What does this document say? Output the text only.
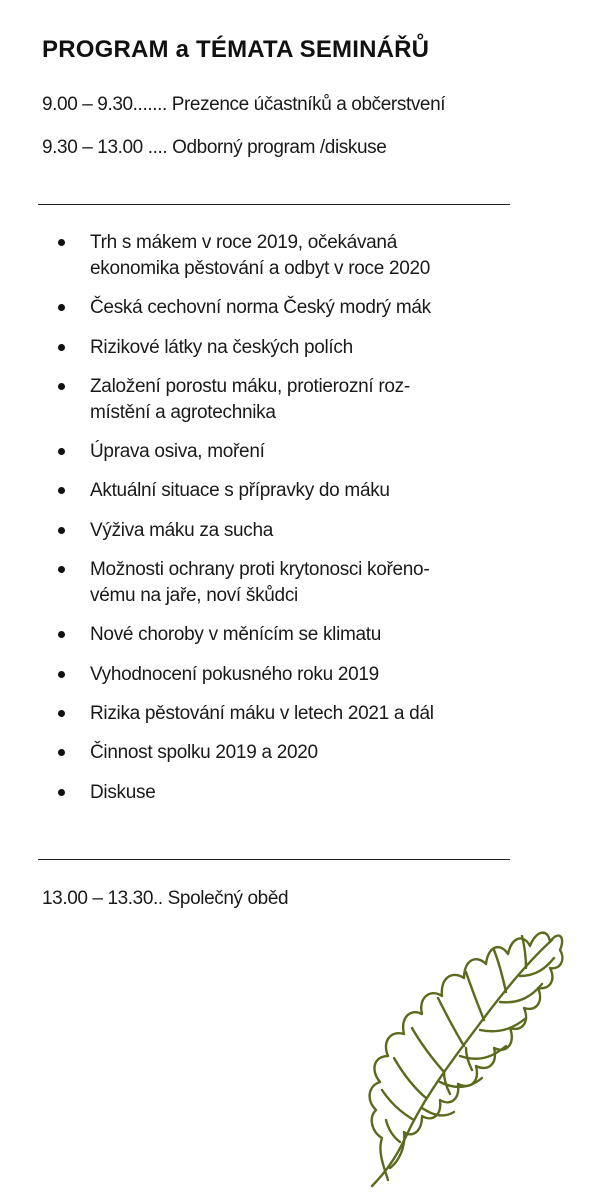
PROGRAM a TÉMATA SEMINÁŘŮ
9.00 – 9.30....... Prezence účastníků a občerstvení
9.30 – 13.00 .... Odborný program /diskuse
Trh s mákem v roce 2019, očekávaná
ekonomika pěstování a odbyt v roce 2020
Česká cechovní norma Český modrý mák
Rizikové látky na českých polích
Založení porostu máku, protierozní roz-
místění a agrotechnika
Úprava osiva, moření
Aktuální situace s přípravky do máku
Výživa máku za sucha
Možnosti ochrany proti krytonosci kořeno-
vému na jaře, noví škůdci
Nové choroby v měnícím se klimatu
Vyhodnocení pokusného roku 2019
Rizika pěstování máku v letech 2021 a dál
Činnost spolku 2019 a 2020
Diskuse
13.00 – 13.30.. Společný oběd
